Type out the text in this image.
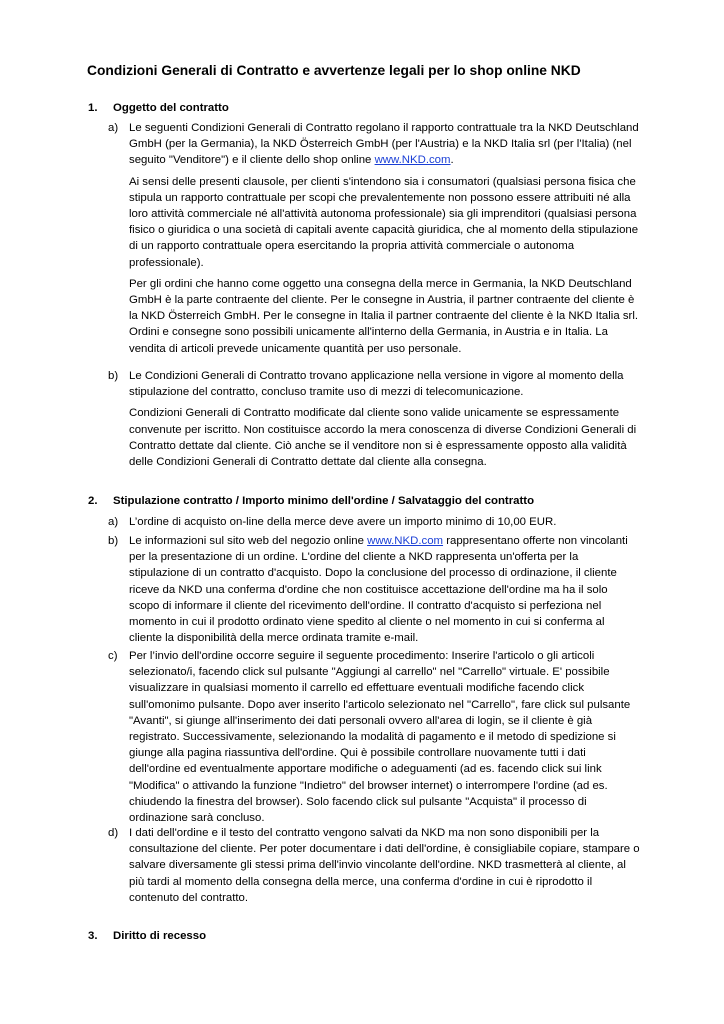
Condizioni Generali di Contratto e avvertenze legali per lo shop online NKD
1. Oggetto del contratto
a) Le seguenti Condizioni Generali di Contratto regolano il rapporto contrattuale tra la NKD Deutschland GmbH (per la Germania), la NKD Österreich GmbH (per l'Austria) e la NKD Italia srl (per l'Italia) (nel seguito "Venditore") e il cliente dello shop online www.NKD.com.

Ai sensi delle presenti clausole, per clienti s'intendono sia i consumatori (qualsiasi persona fisica che stipula un rapporto contrattuale per scopi che prevalentemente non possono essere attribuiti né alla loro attività commerciale né all'attività autonoma professionale) sia gli imprenditori (qualsiasi persona fisico o giuridica o una società di capitali avente capacità giuridica, che al momento della stipulazione di un rapporto contrattuale opera esercitando la propria attività commerciale o autonoma professionale).

Per gli ordini che hanno come oggetto una consegna della merce in Germania, la NKD Deutschland GmbH è la parte contraente del cliente. Per le consegne in Austria, il partner contraente del cliente è la NKD Österreich GmbH. Per le consegne in Italia il partner contraente del cliente è la NKD Italia srl. Ordini e consegne sono possibili unicamente all'interno della Germania, in Austria e in Italia. La vendita di articoli prevede unicamente quantità per uso personale.

b) Le Condizioni Generali di Contratto trovano applicazione nella versione in vigore al momento della stipulazione del contratto, concluso tramite uso di mezzi di telecomunicazione.

Condizioni Generali di Contratto modificate dal cliente sono valide unicamente se espressamente convenute per iscritto. Non costituisce accordo la mera conoscenza di diverse Condizioni Generali di Contratto dettate dal cliente. Ciò anche se il venditore non si è espressamente opposto alla validità delle Condizioni Generali di Contratto dettate dal cliente alla consegna.

2. Stipulazione contratto / Importo minimo dell'ordine / Salvataggio del contratto
a) L’ordine di acquisto on-line della merce deve avere un importo minimo di 10,00 EUR.

b) Le informazioni sul sito web del negozio online www.NKD.com rappresentano offerte non vincolanti per la presentazione di un ordine. L'ordine del cliente a NKD rappresenta un'offerta per la stipulazione di un contratto d'acquisto. Dopo la conclusione del processo di ordinazione, il cliente riceve da NKD una conferma d'ordine che non costituisce accettazione dell'ordine ma ha il solo scopo di informare il cliente del ricevimento dell'ordine. Il contratto d'acquisto si perfeziona nel momento in cui il prodotto ordinato viene spedito al cliente o nel momento in cui si conferma al cliente la disponibilità della merce ordinata tramite e-mail.

c) Per l’invio dell'ordine occorre seguire il seguente procedimento: Inserire l'articolo o gli articoli selezionato/i, facendo click sul pulsante "Aggiungi al carrello" nel "Carrello" virtuale. E' possibile visualizzare in qualsiasi momento il carrello ed effettuare eventuali modifiche facendo click sull'omonimo pulsante. Dopo aver inserito l'articolo selezionato nel "Carrello", fare click sul pulsante "Avanti", si giunge all'inserimento dei dati personali ovvero all'area di login, se il cliente è già registrato. Successivamente, selezionando la modalità di pagamento e il metodo di spedizione si giunge alla pagina riassuntiva dell'ordine. Qui è possibile controllare nuovamente tutti i dati dell'ordine ed eventualmente apportare modifiche o adeguamenti (ad es. facendo click sui link "Modifica" o attivando la funzione "Indietro" del browser internet) o interrompere l'ordine (ad es. chiudendo la finestra del browser). Solo facendo click sul pulsante "Acquista" il processo di ordinazione sarà concluso.

d) I dati dell'ordine e il testo del contratto vengono salvati da NKD ma non sono disponibili per la consultazione del cliente. Per poter documentare i dati dell'ordine, è consigliabile copiare, stampare o salvare diversamente gli stessi prima dell'invio vincolante dell'ordine. NKD trasmetterà al cliente, al più tardi al momento della consegna della merce, una conferma d'ordine in cui è riprodotto il contenuto del contratto.

3. Diritto di recesso
